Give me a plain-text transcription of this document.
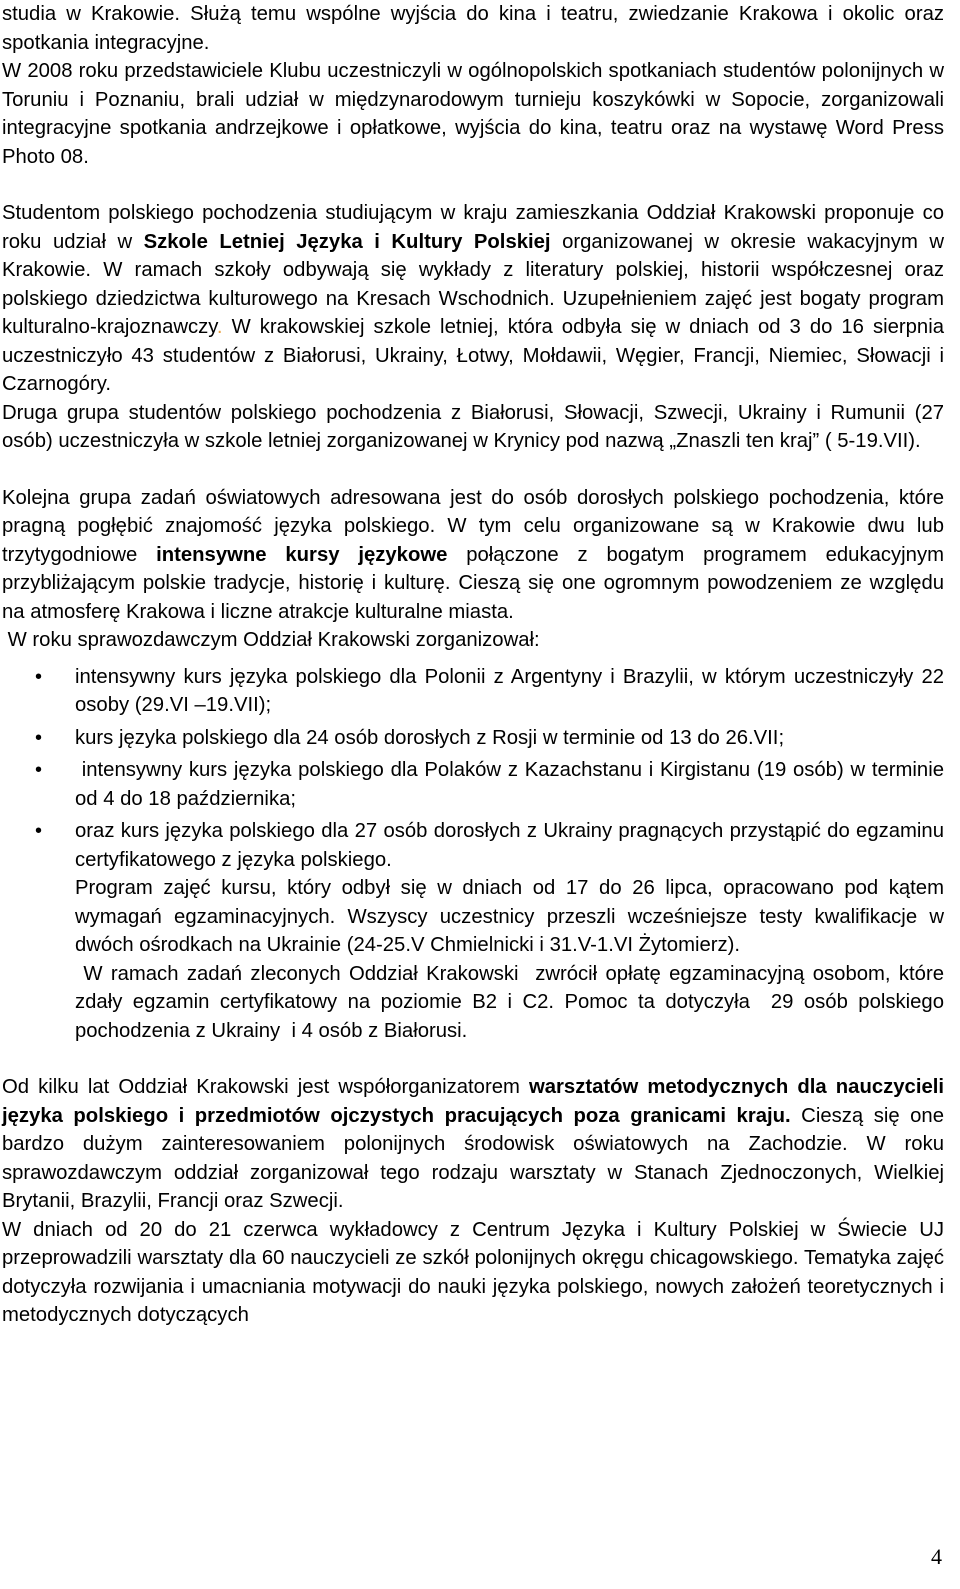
studia w Krakowie. Służą temu wspólne wyjścia do kina i teatru, zwiedzanie Krakowa i okolic oraz spotkania integracyjne.

W 2008 roku przedstawiciele Klubu uczestniczyli w ogólnopolskich spotkaniach studentów polonijnych w Toruniu i Poznaniu, brali udział w międzynarodowym turnieju koszykówki w Sopocie, zorganizowali integracyjne spotkania andrzejkowe i opłatkowe, wyjścia do kina, teatru oraz na wystawę Word Press Photo 08.

Studentom polskiego pochodzenia studiującym w kraju zamieszkania Oddział Krakowski proponuje co roku udział w Szkole Letniej Języka i Kultury Polskiej organizowanej w okresie wakacyjnym w Krakowie. W ramach szkoły odbywają się wykłady z literatury polskiej, historii współczesnej oraz polskiego dziedzictwa kulturowego na Kresach Wschodnich. Uzupełnieniem zajęć jest bogaty program kulturalno-krajoznawczy. W krakowskiej szkole letniej, która odbyła się w dniach od 3 do 16 sierpnia uczestniczyło 43 studentów z Białorusi, Ukrainy, Łotwy, Mołdawii, Węgier, Francji, Niemiec, Słowacji i Czarnogóry.

Druga grupa studentów polskiego pochodzenia z Białorusi, Słowacji, Szwecji, Ukrainy i Rumunii (27 osób) uczestniczyła w szkole letniej zorganizowanej w Krynicy pod nazwą „Znaszli ten kraj” ( 5-19.VII).

Kolejna grupa zadań oświatowych adresowana jest do osób dorosłych polskiego pochodzenia, które pragną pogłębić znajomość języka polskiego. W tym celu organizowane są w Krakowie dwu lub trzytygodniowe intensywne kursy językowe połączone z bogatym programem edukacyjnym przybliżającym polskie tradycje, historię i kulturę. Cieszą się one ogromnym powodzeniem ze względu na atmosferę Krakowa i liczne atrakcje kulturalne miasta.

W roku sprawozdawczym Oddział Krakowski zorganizował:

• intensywny kurs języka polskiego dla Polonii z Argentyny i Brazylii, w którym uczestniczyły 22 osoby (29.VI –19.VII);
• kurs języka polskiego dla 24 osób dorosłych z Rosji w terminie od 13 do 26.VII;
• intensywny kurs języka polskiego dla Polaków z Kazachstanu i Kirgistanu (19 osób) w terminie od 4 do 18 października;
• oraz kurs języka polskiego dla 27 osób dorosłych z Ukrainy pragnących przystąpić do egzaminu certyfikatowego z języka polskiego.

Program zajęć kursu, który odbył się w dniach od 17 do 26 lipca, opracowano pod kątem wymagań egzaminacyjnych. Wszyscy uczestnicy przeszli wcześniejsze testy kwalifikacje w dwóch ośrodkach na Ukrainie (24-25.V Chmielnicki i 31.V-1.VI Żytomierz).

W ramach zadań zleconych Oddział Krakowski  zwrócił opłatę egzaminacyjną osobom, które zdały egzamin certyfikatowy na poziomie B2 i C2. Pomoc ta dotyczyła  29 osób polskiego pochodzenia z Ukrainy  i 4 osób z Białorusi.

Od kilku lat Oddział Krakowski jest współorganizatorem warsztatów metodycznych dla nauczycieli języka polskiego i przedmiotów ojczystych pracujących poza granicami kraju. Cieszą się one bardzo dużym zainteresowaniem polonijnych środowisk oświatowych na Zachodzie. W roku sprawozdawczym oddział zorganizował tego rodzaju warsztaty w Stanach Zjednoczonych, Wielkiej Brytanii, Brazylii, Francji oraz Szwecji.

W dniach od 20 do 21 czerwca wykładowcy z Centrum Języka i Kultury Polskiej w Świecie UJ przeprowadzili warsztaty dla 60 nauczycieli ze szkół polonijnych okręgu chicagowskiego. Tematyka zajęć dotyczyła rozwijania i umacniania motywacji do nauki języka polskiego, nowych założeń teoretycznych i metodycznych dotyczących

4
